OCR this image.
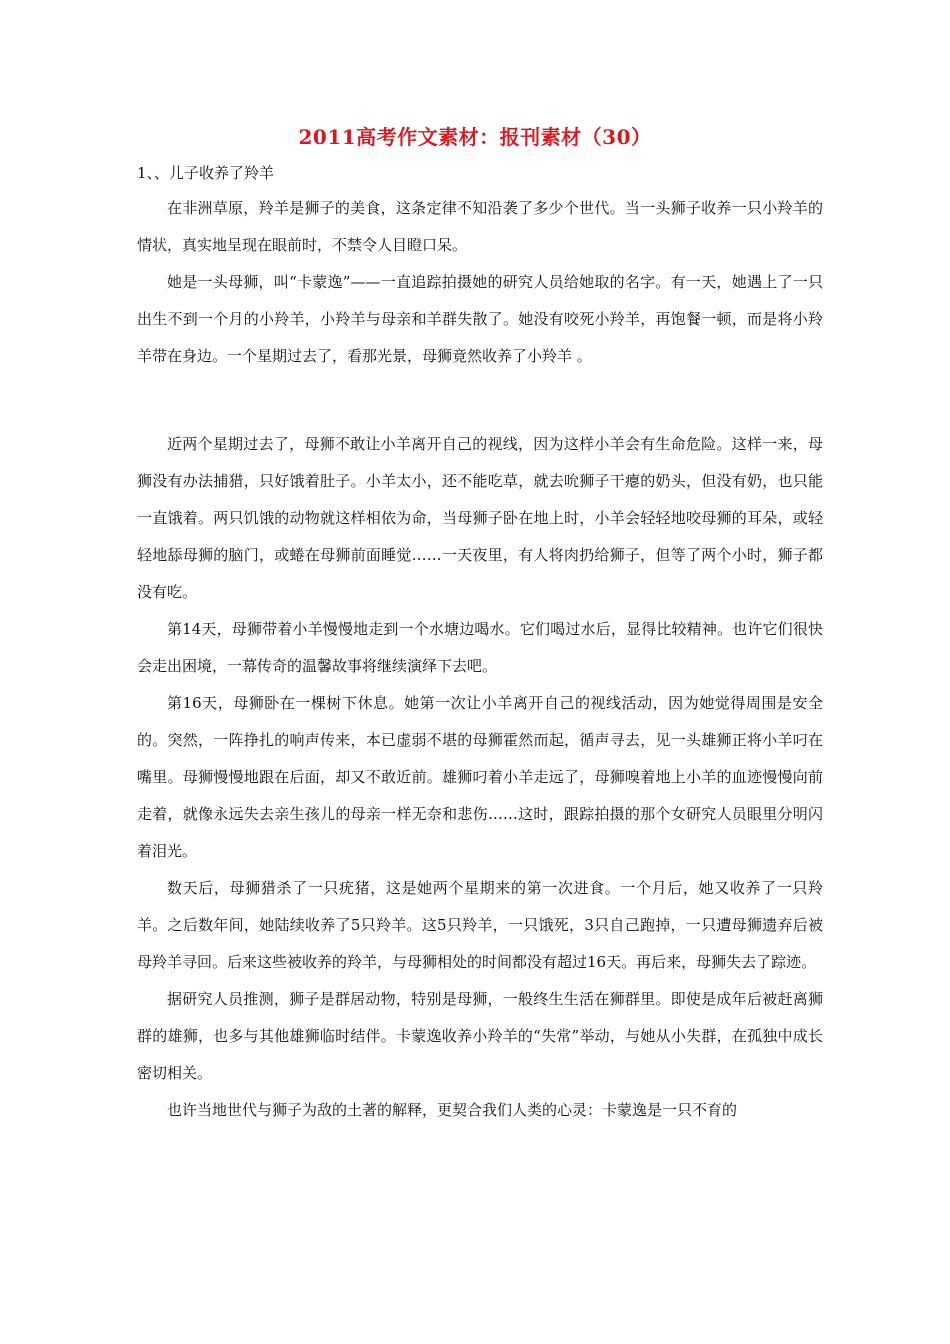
2011高考作文素材：报刊素材（30）
1、、儿子收养了羚羊

在非洲草原，羚羊是狮子的美食，这条定律不知沿袭了多少个世代。当一头狮子收养一只小羚羊的情状，真实地呈现在眼前时，不禁令人目瞪口呆。

她是一头母狮，叫“卡蒙逸”——一直追踪拍摄她的研究人员给她取的名字。有一天，她遇上了一只出生不到一个月的小羚羊，小羚羊与母亲和羊群失散了。她没有咬死小羚羊，再饱餐一顿，而是将小羚羊带在身边。一个星期过去了，看那光景，母狮竟然收养了小羚羊 。

近两个星期过去了，母狮不敢让小羊离开自己的视线，因为这样小羊会有生命危险。这样一来，母狮没有办法捕猎，只好饿着肚子。小羊太小，还不能吃草，就去吮狮子干瘪的奶头，但没有奶，也只能一直饿着。两只饥饿的动物就这样相依为命，当母狮子卧在地上时，小羊会轻轻地咬母狮的耳朵，或轻轻地舔母狮的脑门，或蜷在母狮前面睡觉……一天夜里，有人将肉扔给狮子，但等了两个小时，狮子都没有吃。

第14天，母狮带着小羊慢慢地走到一个水塘边喝水。它们喝过水后，显得比较精神。也许它们很快会走出困境，一幕传奇的温馨故事将继续演绎下去吧。

第16天，母狮卧在一棵树下休息。她第一次让小羊离开自己的视线活动，因为她觉得周围是安全的。突然，一阵挣扎的响声传来，本已虚弱不堪的母狮霍然而起，循声寻去，见一头雄狮正将小羊叼在嘴里。母狮慢慢地跟在后面，却又不敢近前。雄狮叼着小羊走远了，母狮嗅着地上小羊的血迹慢慢向前走着，就像永远失去亲生孩儿的母亲一样无奈和悲伤……这时，跟踪拍摄的那个女研究人员眼里分明闪着泪光。

数天后，母狮猎杀了一只疣猪，这是她两个星期来的第一次进食。一个月后，她又收养了一只羚羊。之后数年间，她陆续收养了5只羚羊。这5只羚羊，一只饿死，3只自己跑掉，一只遭母狮遗弃后被母羚羊寻回。后来这些被收养的羚羊，与母狮相处的时间都没有超过16天。再后来，母狮失去了踪迹。

据研究人员推测，狮子是群居动物，特别是母狮，一般终生生活在狮群里。即使是成年后被赶离狮群的雄狮，也多与其他雄狮临时结伴。卡蒙逸收养小羚羊的“失常”举动，与她从小失群，在孤独中成长密切相关。

也许当地世代与狮子为敌的土著的解释，更契合我们人类的心灵：卡蒙逸是一只不育的
